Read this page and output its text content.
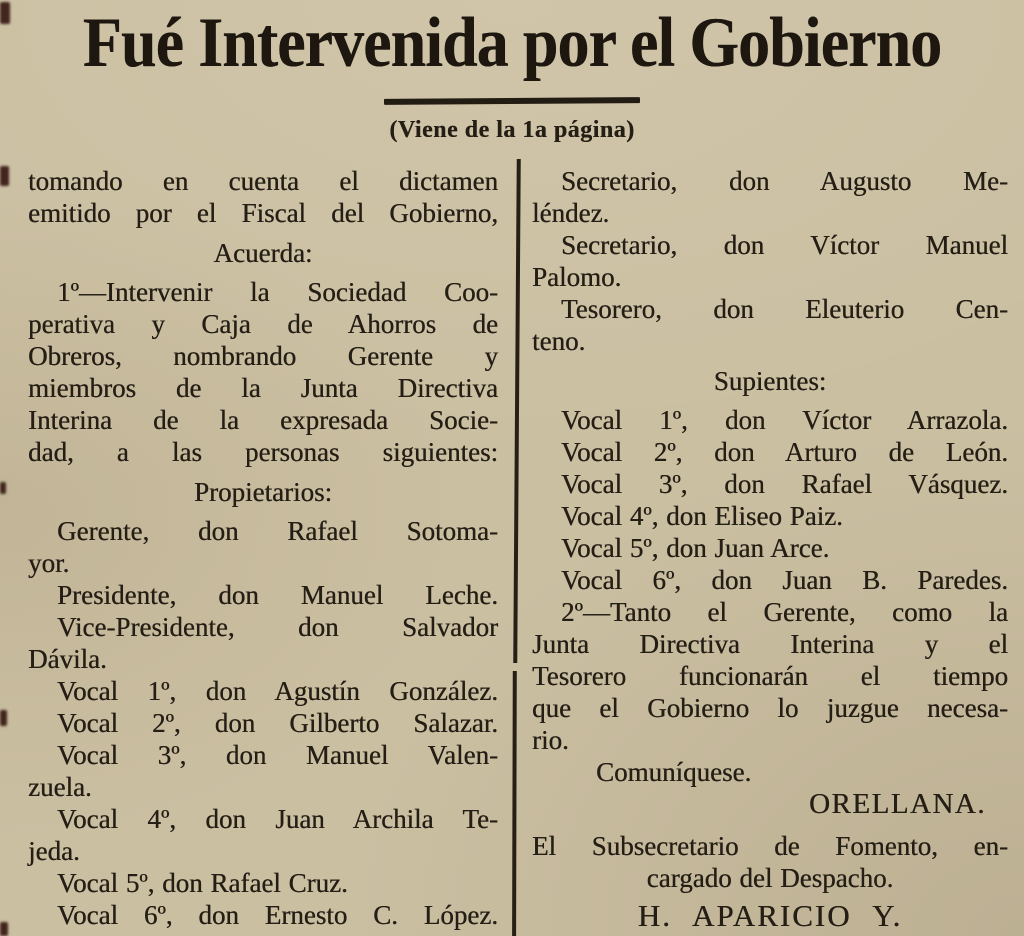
Fué Intervenida por el Gobierno
(Viene de la 1a página)
tomando en cuenta el dictamen
emitido por el Fiscal del Gobierno,
Acuerda:
1º—Intervenir la Sociedad Coo-
perativa y Caja de Ahorros de
Obreros, nombrando Gerente y
miembros de la Junta Directiva
Interina de la expresada Socie-
dad, a las personas siguientes:
Propietarios:
Gerente, don Rafael Sotoma-
yor.
Presidente, don Manuel Leche.
Vice-Presidente, don Salvador
Dávila.
Vocal 1º, don Agustín González.
Vocal 2º, don Gilberto Salazar.
Vocal 3º, don Manuel Valen-
zuela.
Vocal 4º, don Juan Archila Te-
jeda.
Vocal 5º, don Rafael Cruz.
Vocal 6º, don Ernesto C. López.
Secretario, don Augusto Me-
léndez.
Secretario, don Víctor Manuel
Palomo.
Tesorero, don Eleuterio Cen-
teno.
Supientes:
Vocal 1º, don Víctor Arrazola.
Vocal 2º, don Arturo de León.
Vocal 3º, don Rafael Vásquez.
Vocal 4º, don Eliseo Paiz.
Vocal 5º, don Juan Arce.
Vocal 6º, don Juan B. Paredes.
2º—Tanto el Gerente, como la
Junta Directiva Interina y el
Tesorero funcionarán el tiempo
que el Gobierno lo juzgue necesa-
rio.
Comuníquese.
ORELLANA.
El Subsecretario de Fomento, en-
cargado del Despacho.
H. APARICIO Y.
